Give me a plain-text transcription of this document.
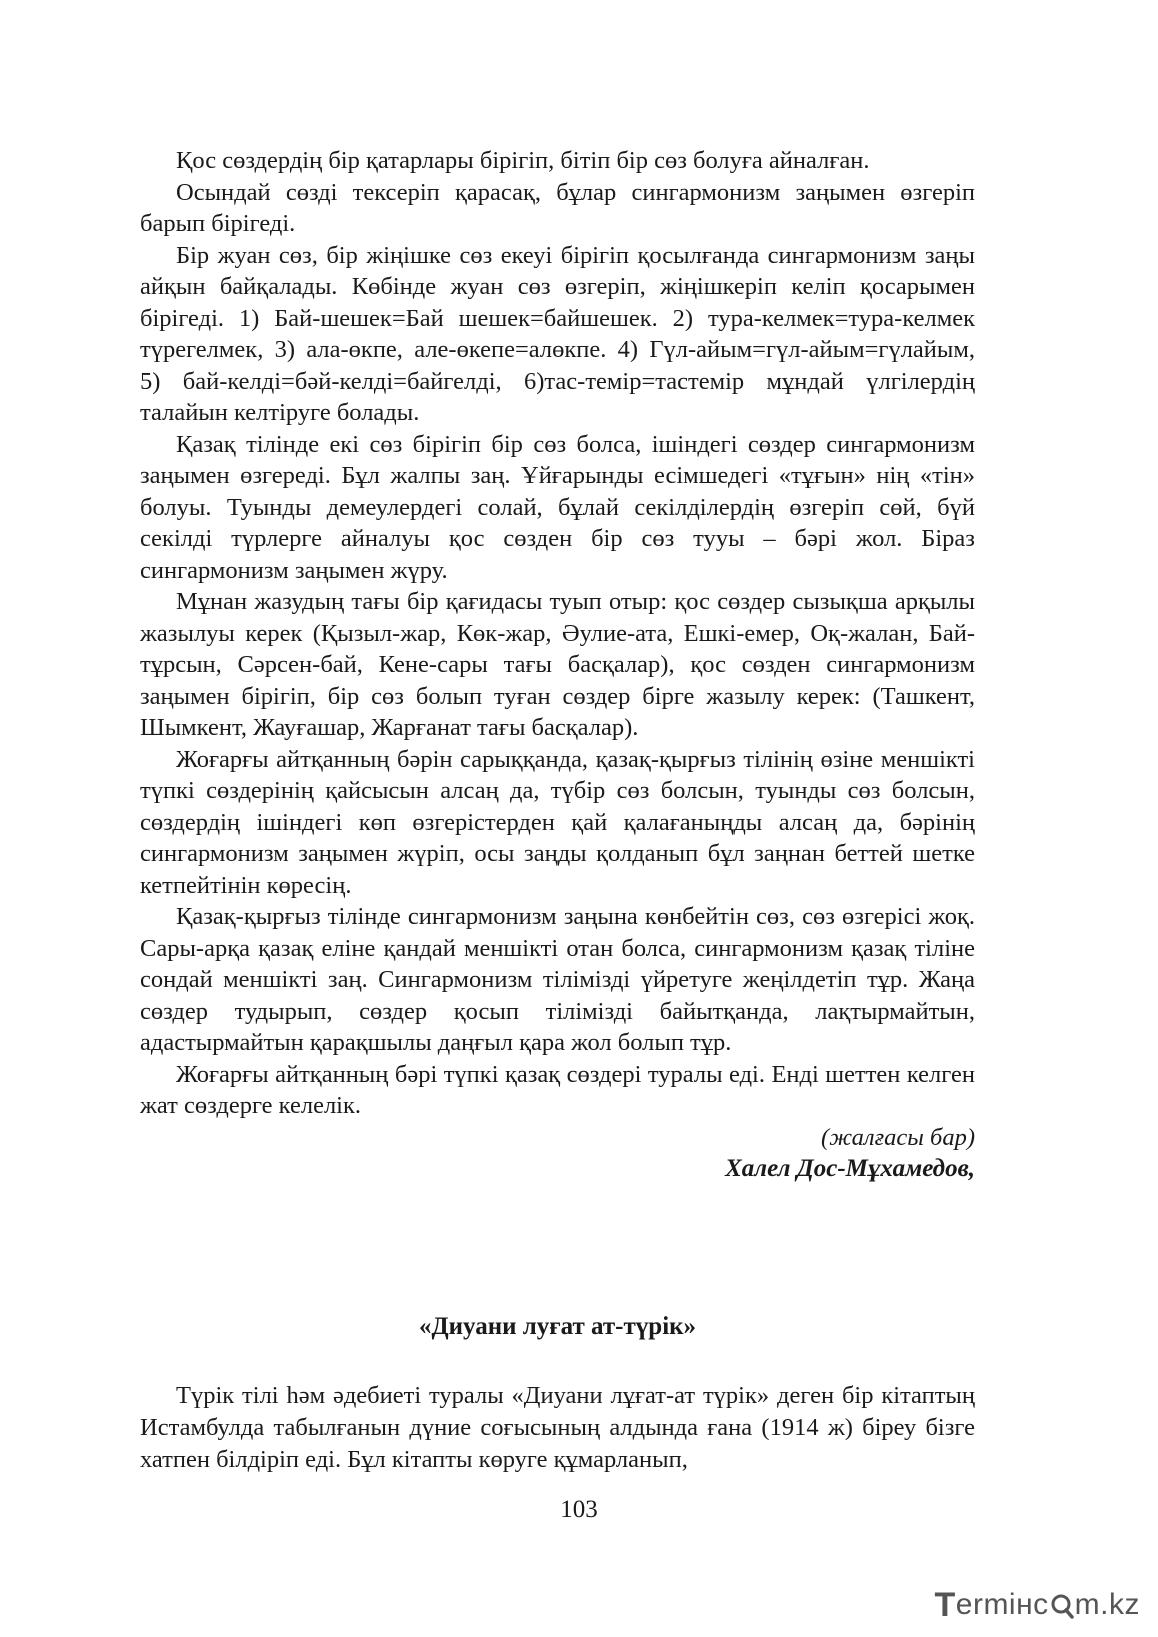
Қос сөздердің бір қатарлары бірігіп, бітіп бір сөз болуға айналған.

Осындай сөзді тексеріп қарасақ, бұлар сингармонизм заңымен өзгеріп барып бірігеді.

Бір жуан сөз, бір жіңішке сөз екеуі бірігіп қосылғанда сингармонизм заңы айқын байқалады. Көбінде жуан сөз өзгеріп, жіңішкеріп келіп қосарымен бірігеді. 1) Бай-шешек=Бай шешек=байшешек. 2) тура-келмек=тура-келмек түрегелмек, 3) ала-өкпе, але-өкепе=алөкпе. 4) Гүл-айым=гүл-айым=гүлайым, 5) бай-келді=бәй-келді=байгелді, 6)тас-темір=тастемір мұндай үлгілердің талайын келтіруге болады.

Қазақ тілінде екі сөз бірігіп бір сөз болса, ішіндегі сөздер сингармонизм заңымен өзгереді. Бұл жалпы заң. Ұйғарынды есімшедегі «тұғын» нің «тін» болуы. Туынды демеулердегі солай, бұлай секілділердің өзгеріп сөй, бүй секілді түрлерге айналуы қос сөзден бір сөз тууы – бәрі жол. Біраз сингармонизм заңымен жүру.

Мұнан жазудың тағы бір қағидасы туып отыр: қос сөздер сызықша арқылы жазылуы керек (Қызыл-жар, Көк-жар, Әулие-ата, Ешкі-емер, Оқ-жалан, Бай-тұрсын, Сәрсен-бай, Кене-сары тағы басқалар), қос сөзден сингармонизм заңымен бірігіп, бір сөз болып туған сөздер бірге жазылу керек: (Ташкент, Шымкент, Жауғашар, Жарғанат тағы басқалар).

Жоғарғы айтқанның бәрін сарыққанда, қазақ-қырғыз тілінің өзіне меншікті түпкі сөздерінің қайсысын алсаң да, түбір сөз болсын, туынды сөз болсын, сөздердің ішіндегі көп өзгерістерден қай қалағаныңды алсаң да, бәрінің сингармонизм заңымен жүріп, осы заңды қолданып бұл заңнан беттей шетке кетпейтінін көресің.

Қазақ-қырғыз тілінде сингармонизм заңына көнбейтін сөз, сөз өзгерісі жоқ. Сары-арқа қазақ еліне қандай меншікті отан болса, сингармонизм қазақ тіліне сондай меншікті заң. Сингармонизм тілімізді үйретуге жеңілдетіп тұр. Жаңа сөздер тудырып, сөздер қосып тілімізді байытқанда, лақтырмайтын, адастырмайтын қарақшылы даңғыл қара жол болып тұр.

Жоғарғы айтқанның бәрі түпкі қазақ сөздері туралы еді. Енді шеттен келген жат сөздерге келелік.

(жалғасы бар)
Халел Дос-Мұхамедов,

«Диуани луғат ат-түрік»

Түрік тілі һәм әдебиеті туралы «Диуани лұғат-ат түрік» деген бір кітаптың Истамбулда табылғанын дүние соғысының алдында ғана (1914 ж) біреу бізге хатпен білдіріп еді. Бұл кітапты көруге құмарланып,

103
T ermінс m.kz
